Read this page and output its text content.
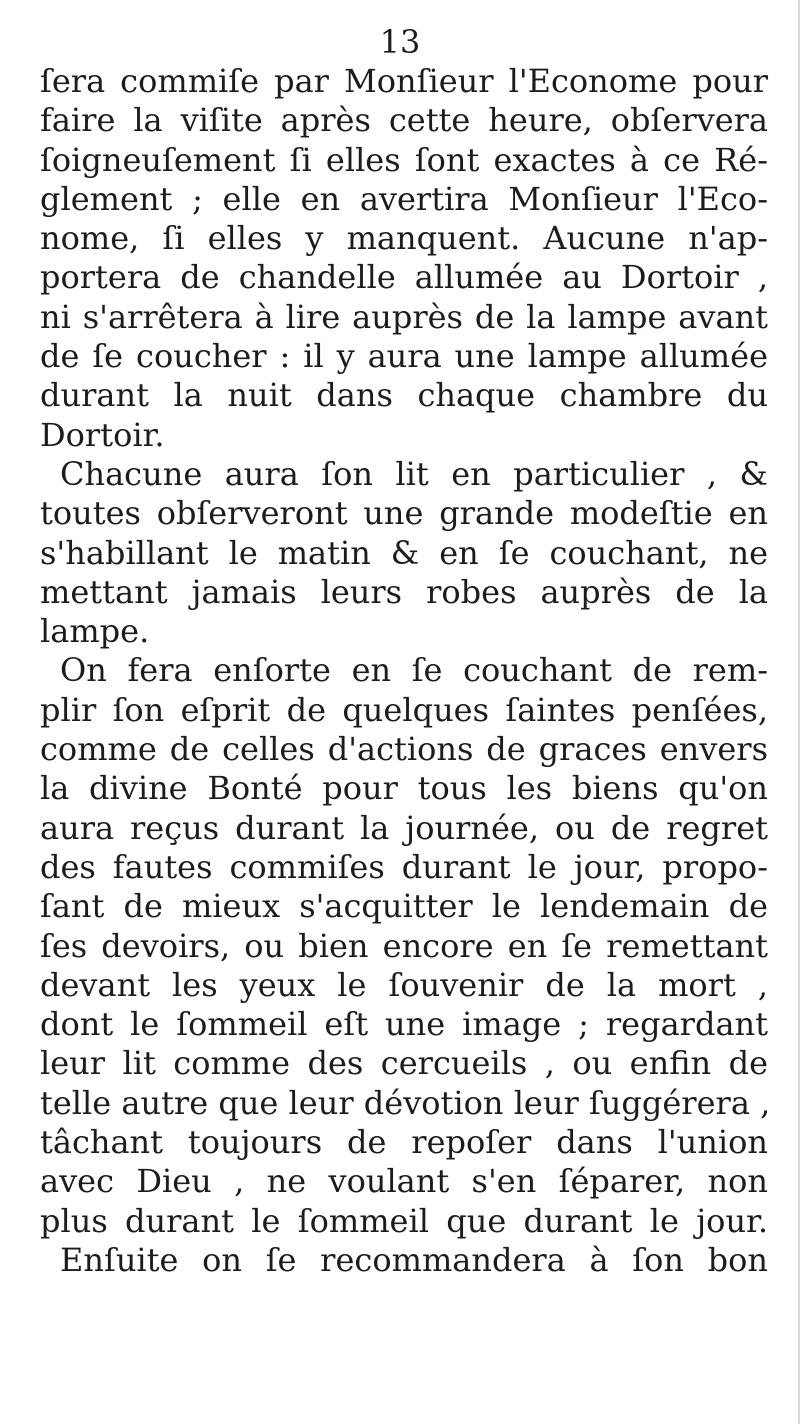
13
ſera commiſe par Monſieur l'Econome pour
faire la viſite après cette heure, obſervera
ſoigneuſement ſi elles ſont exactes à ce Ré-
glement ; elle en avertira Monſieur l'Eco-
nome, ſi elles y manquent. Aucune n'ap-
portera de chandelle allumée au Dortoir ,
ni s'arrêtera à lire auprès de la lampe avant
de ſe coucher : il y aura une lampe allumée
durant la nuit dans chaque chambre du
Dortoir.
Chacune aura ſon lit en particulier , &
toutes obſerveront une grande modeſtie en
s'habillant le matin & en ſe couchant, ne
mettant jamais leurs robes auprès de la
lampe.
On fera enſorte en ſe couchant de rem-
plir ſon eſprit de quelques ſaintes penſées,
comme de celles d'actions de graces envers
la divine Bonté pour tous les biens qu'on
aura reçus durant la journée, ou de regret
des fautes commiſes durant le jour, propo-
ſant de mieux s'acquitter le lendemain de
ſes devoirs, ou bien encore en ſe remettant
devant les yeux le ſouvenir de la mort ,
dont le ſommeil eſt une image ; regardant
leur lit comme des cercueils , ou enfin de
telle autre que leur dévotion leur ſuggérera ,
tâchant toujours de repoſer dans l'union
avec Dieu , ne voulant s'en ſéparer, non
plus durant le ſommeil que durant le jour.
Enſuite on ſe recommandera à ſon bon
